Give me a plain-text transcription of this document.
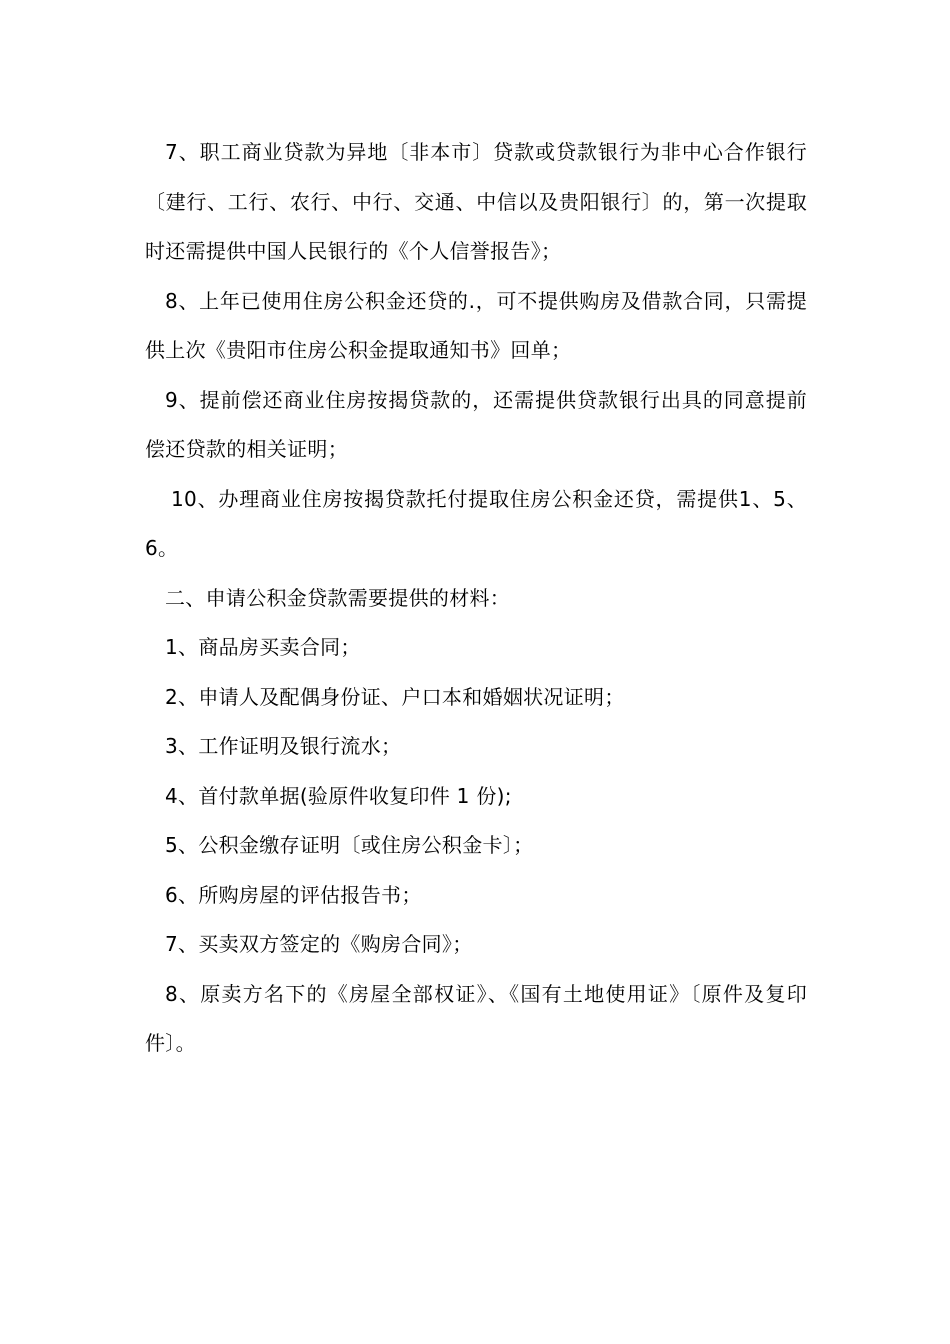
7、职工商业贷款为异地〔非本市〕贷款或贷款银行为非中心合作银行〔建行、工行、农行、中行、交通、中信以及贵阳银行〕的，第一次提取时还需提供中国人民银行的《个人信誉报告》；

8、上年已使用住房公积金还贷的.，可不提供购房及借款合同，只需提供上次《贵阳市住房公积金提取通知书》回单；

9、提前偿还商业住房按揭贷款的，还需提供贷款银行出具的同意提前偿还贷款的相关证明；

10、办理商业住房按揭贷款托付提取住房公积金还贷，需提供1、5、6。

二、申请公积金贷款需要提供的材料：

1、商品房买卖合同；

2、申请人及配偶身份证、户口本和婚姻状况证明；

3、工作证明及银行流水；

4、首付款单据(验原件收复印件 1 份);

5、公积金缴存证明〔或住房公积金卡〕；

6、所购房屋的评估报告书；

7、买卖双方签定的《购房合同》；

8、原卖方名下的《房屋全部权证》、《国有土地使用证》〔原件及复印件〕。
